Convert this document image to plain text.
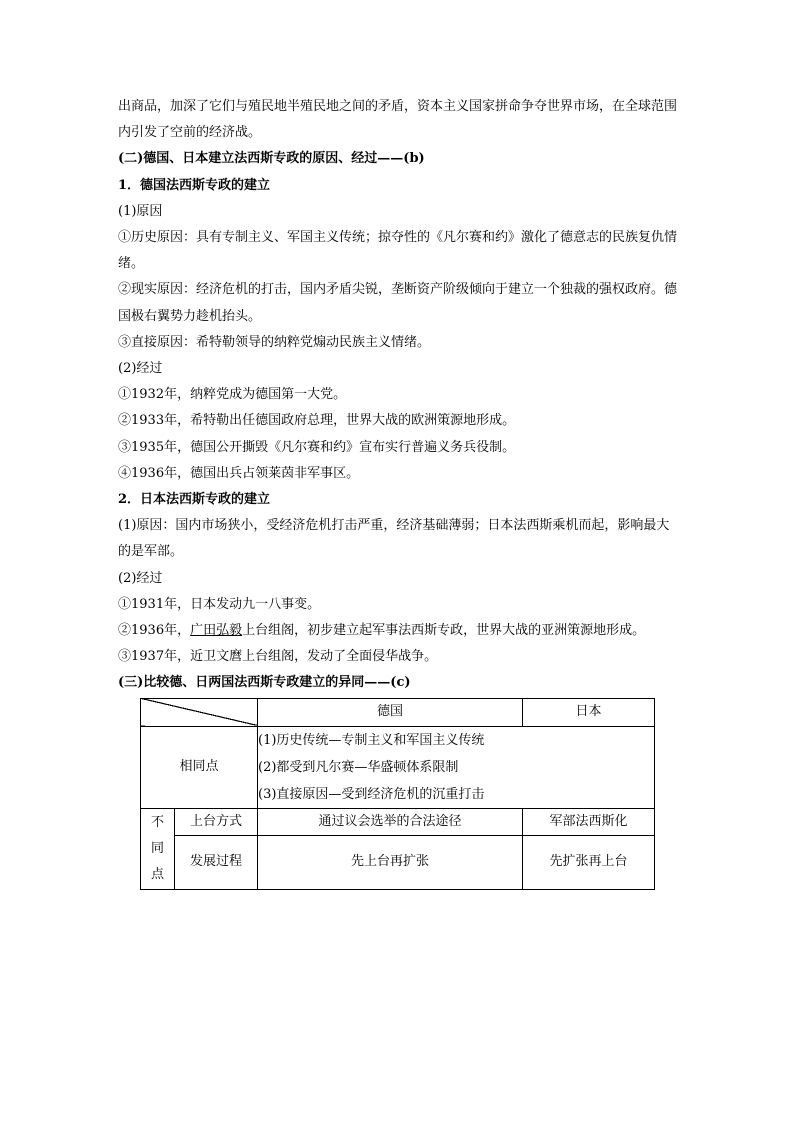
出商品，加深了它们与殖民地半殖民地之间的矛盾，资本主义国家拼命争夺世界市场，在全球范围内引发了空前的经济战。

(二)德国、日本建立法西斯专政的原因、经过——(b)

1．德国法西斯专政的建立

(1)原因

①历史原因：具有专制主义、军国主义传统；掠夺性的《凡尔赛和约》激化了德意志的民族复仇情绪。

②现实原因：经济危机的打击，国内矛盾尖锐，垄断资产阶级倾向于建立一个独裁的强权政府。德国极右翼势力趁机抬头。

③直接原因：希特勒领导的纳粹党煽动民族主义情绪。

(2)经过

①1932年，纳粹党成为德国第一大党。

②1933年，希特勒出任德国政府总理，世界大战的欧洲策源地形成。

③1935年，德国公开撕毁《凡尔赛和约》宣布实行普遍义务兵役制。

④1936年，德国出兵占领莱茵非军事区。

2．日本法西斯专政的建立

(1)原因：国内市场狭小，受经济危机打击严重，经济基础薄弱；日本法西斯乘机而起，影响最大的是军部。

(2)经过

①1931年，日本发动九一八事变。

②1936年，广田弘毅上台组阁，初步建立起军事法西斯专政，世界大战的亚洲策源地形成。

③1937年，近卫文麿上台组阁，发动了全面侵华战争。

(三)比较德、日两国法西斯专政建立的异同——(c)

		德国	日本
相同点		(1)历史传统—专制主义和军国主义传统
(2)都受到凡尔赛—华盛顿体系限制
(3)直接原因—受到经济危机的沉重打击	

不
同
点	上台方式	通过议会选举的合法途径	军部法西斯化
	发展过程	先上台再扩张	先扩张再上台
